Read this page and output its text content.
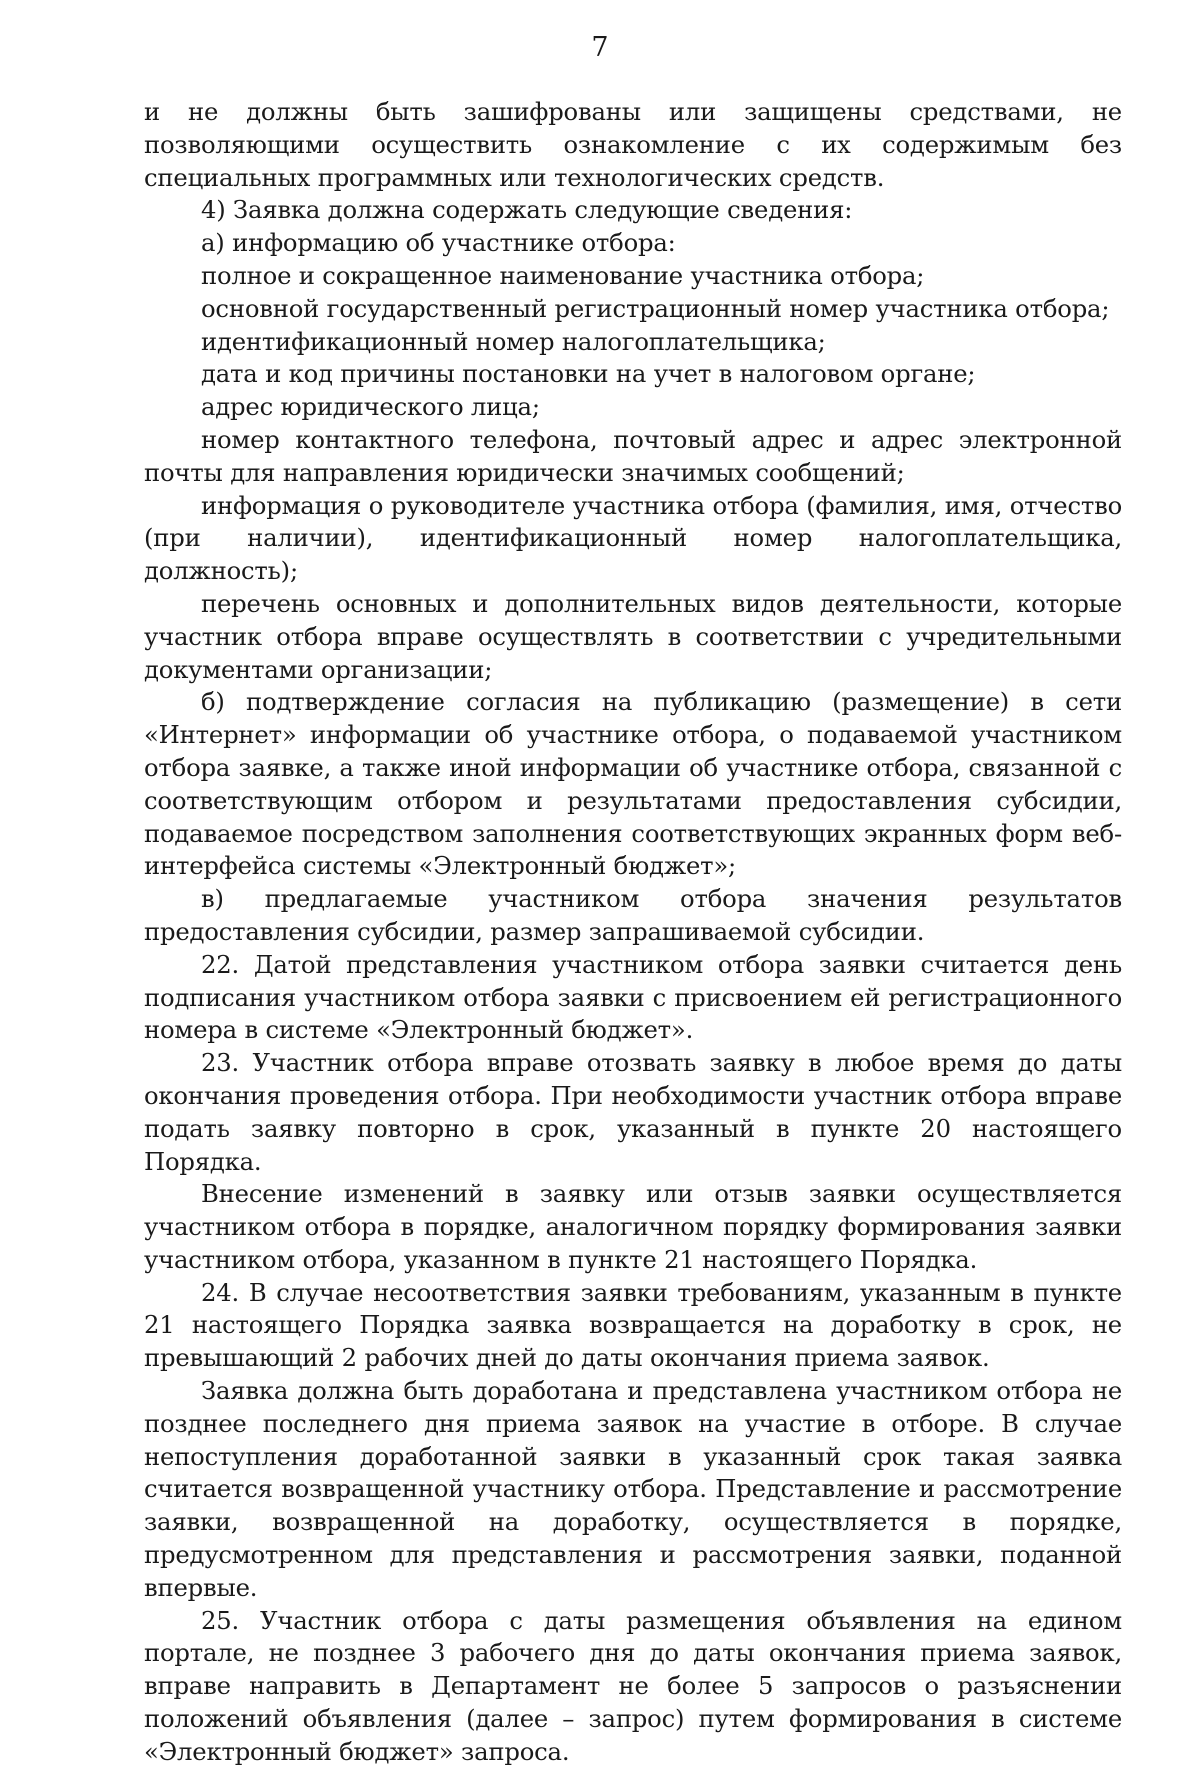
7

и не должны быть зашифрованы или защищены средствами, не позволяющими осуществить ознакомление с их содержимым без специальных программных или технологических средств.

4) Заявка должна содержать следующие сведения:

а) информацию об участнике отбора:

полное и сокращенное наименование участника отбора;

основной государственный регистрационный номер участника отбора;

идентификационный номер налогоплательщика;

дата и код причины постановки на учет в налоговом органе;

адрес юридического лица;

номер контактного телефона, почтовый адрес и адрес электронной почты для направления юридически значимых сообщений;

информация о руководителе участника отбора (фамилия, имя, отчество (при наличии), идентификационный номер налогоплательщика, должность);

перечень основных и дополнительных видов деятельности, которые участник отбора вправе осуществлять в соответствии с учредительными документами организации;

б) подтверждение согласия на публикацию (размещение) в сети «Интернет» информации об участнике отбора, о подаваемой участником отбора заявке, а также иной информации об участнике отбора, связанной с соответствующим отбором и результатами предоставления субсидии, подаваемое посредством заполнения соответствующих экранных форм веб-интерфейса системы «Электронный бюджет»;

в) предлагаемые участником отбора значения результатов предоставления субсидии, размер запрашиваемой субсидии.

22. Датой представления участником отбора заявки считается день подписания участником отбора заявки с присвоением ей регистрационного номера в системе «Электронный бюджет».

23. Участник отбора вправе отозвать заявку в любое время до даты окончания проведения отбора. При необходимости участник отбора вправе подать заявку повторно в срок, указанный в пункте 20 настоящего Порядка.

Внесение изменений в заявку или отзыв заявки осуществляется участником отбора в порядке, аналогичном порядку формирования заявки участником отбора, указанном в пункте 21 настоящего Порядка.

24. В случае несоответствия заявки требованиям, указанным в пункте 21 настоящего Порядка заявка возвращается на доработку в срок, не превышающий 2 рабочих дней до даты окончания приема заявок.

Заявка должна быть доработана и представлена участником отбора не позднее последнего дня приема заявок на участие в отборе. В случае непоступления доработанной заявки в указанный срок такая заявка считается возвращенной участнику отбора. Представление и рассмотрение заявки, возвращенной на доработку, осуществляется в порядке, предусмотренном для представления и рассмотрения заявки, поданной впервые.

25. Участник отбора с даты размещения объявления на едином портале, не позднее 3 рабочего дня до даты окончания приема заявок, вправе направить в Департамент не более 5 запросов о разъяснении положений объявления (далее – запрос) путем формирования в системе «Электронный бюджет» запроса.
